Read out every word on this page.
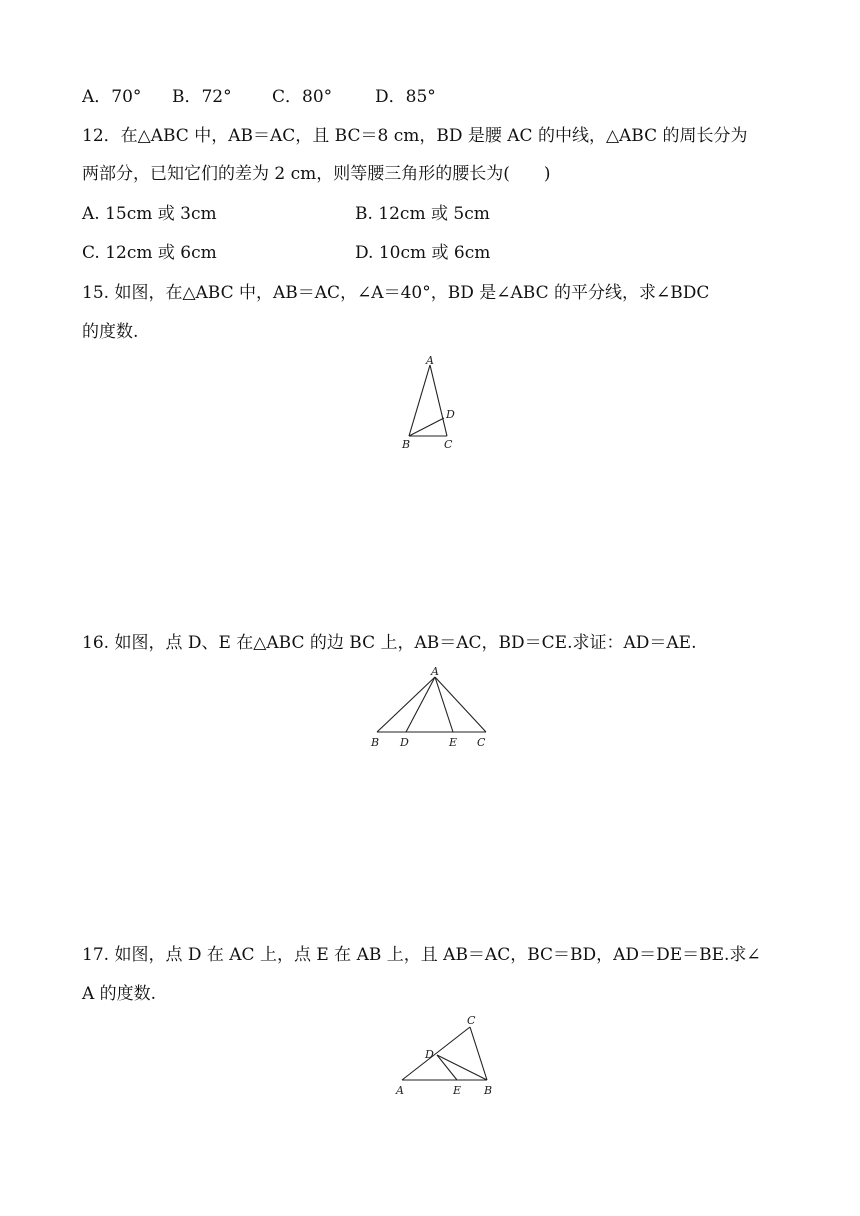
A．70° B．72° C．80°	D．85°
12．在△ABC 中，AB＝AC，且 BC＝8 cm，BD 是腰 AC 的中线，△ABC 的周长分为
两部分，已知它们的差为 2 cm，则等腰三角形的腰长为(　　)
A. 15cm 或 3cm	B. 12cm 或 5cm
C. 12cm 或 6cm	D. 10cm 或 6cm
15. 如图，在△ABC 中，AB＝AC，∠A＝40°，BD 是∠ABC 的平分线，求∠BDC
的度数.
A
B	C
D
16. 如图，点 D、E 在△ABC 的边 BC 上，AB＝AC，BD＝CE.求证：AD＝AE.
A
B D	E C
17. 如图，点 D 在 AC 上，点 E 在 AB 上，且 AB＝AC，BC＝BD，AD＝DE＝BE.求∠
A 的度数.
C
D
A	E B
